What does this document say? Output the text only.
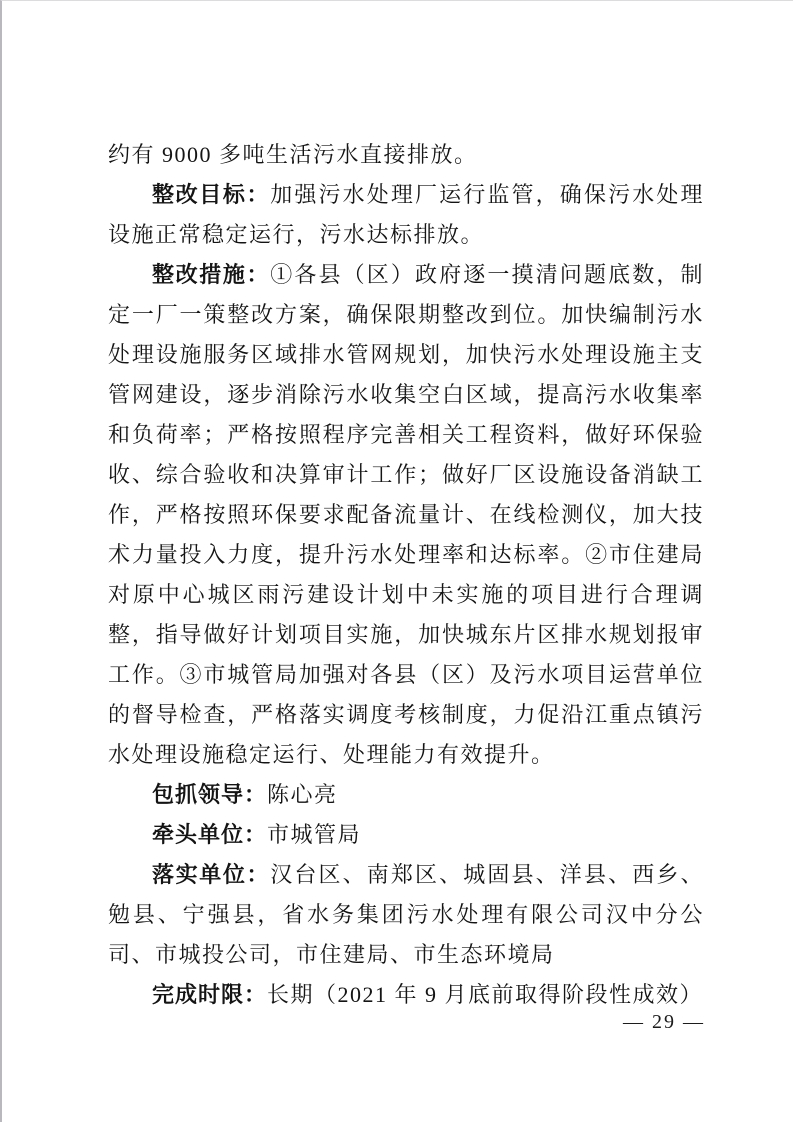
约有 9000 多吨生活污水直接排放。

整改目标：加强污水处理厂运行监管，确保污水处理设施正常稳定运行，污水达标排放。

整改措施：①各县（区）政府逐一摸清问题底数，制定一厂一策整改方案，确保限期整改到位。加快编制污水处理设施服务区域排水管网规划，加快污水处理设施主支管网建设，逐步消除污水收集空白区域，提高污水收集率和负荷率；严格按照程序完善相关工程资料，做好环保验收、综合验收和决算审计工作；做好厂区设施设备消缺工作，严格按照环保要求配备流量计、在线检测仪，加大技术力量投入力度，提升污水处理率和达标率。②市住建局对原中心城区雨污建设计划中未实施的项目进行合理调整，指导做好计划项目实施，加快城东片区排水规划报审工作。③市城管局加强对各县（区）及污水项目运营单位的督导检查，严格落实调度考核制度，力促沿江重点镇污水处理设施稳定运行、处理能力有效提升。

包抓领导：陈心亮

牵头单位：市城管局

落实单位：汉台区、南郑区、城固县、洋县、西乡、勉县、宁强县，省水务集团污水处理有限公司汉中分公司、市城投公司，市住建局、市生态环境局

完成时限：长期（2021 年 9 月底前取得阶段性成效）

— 29 —
